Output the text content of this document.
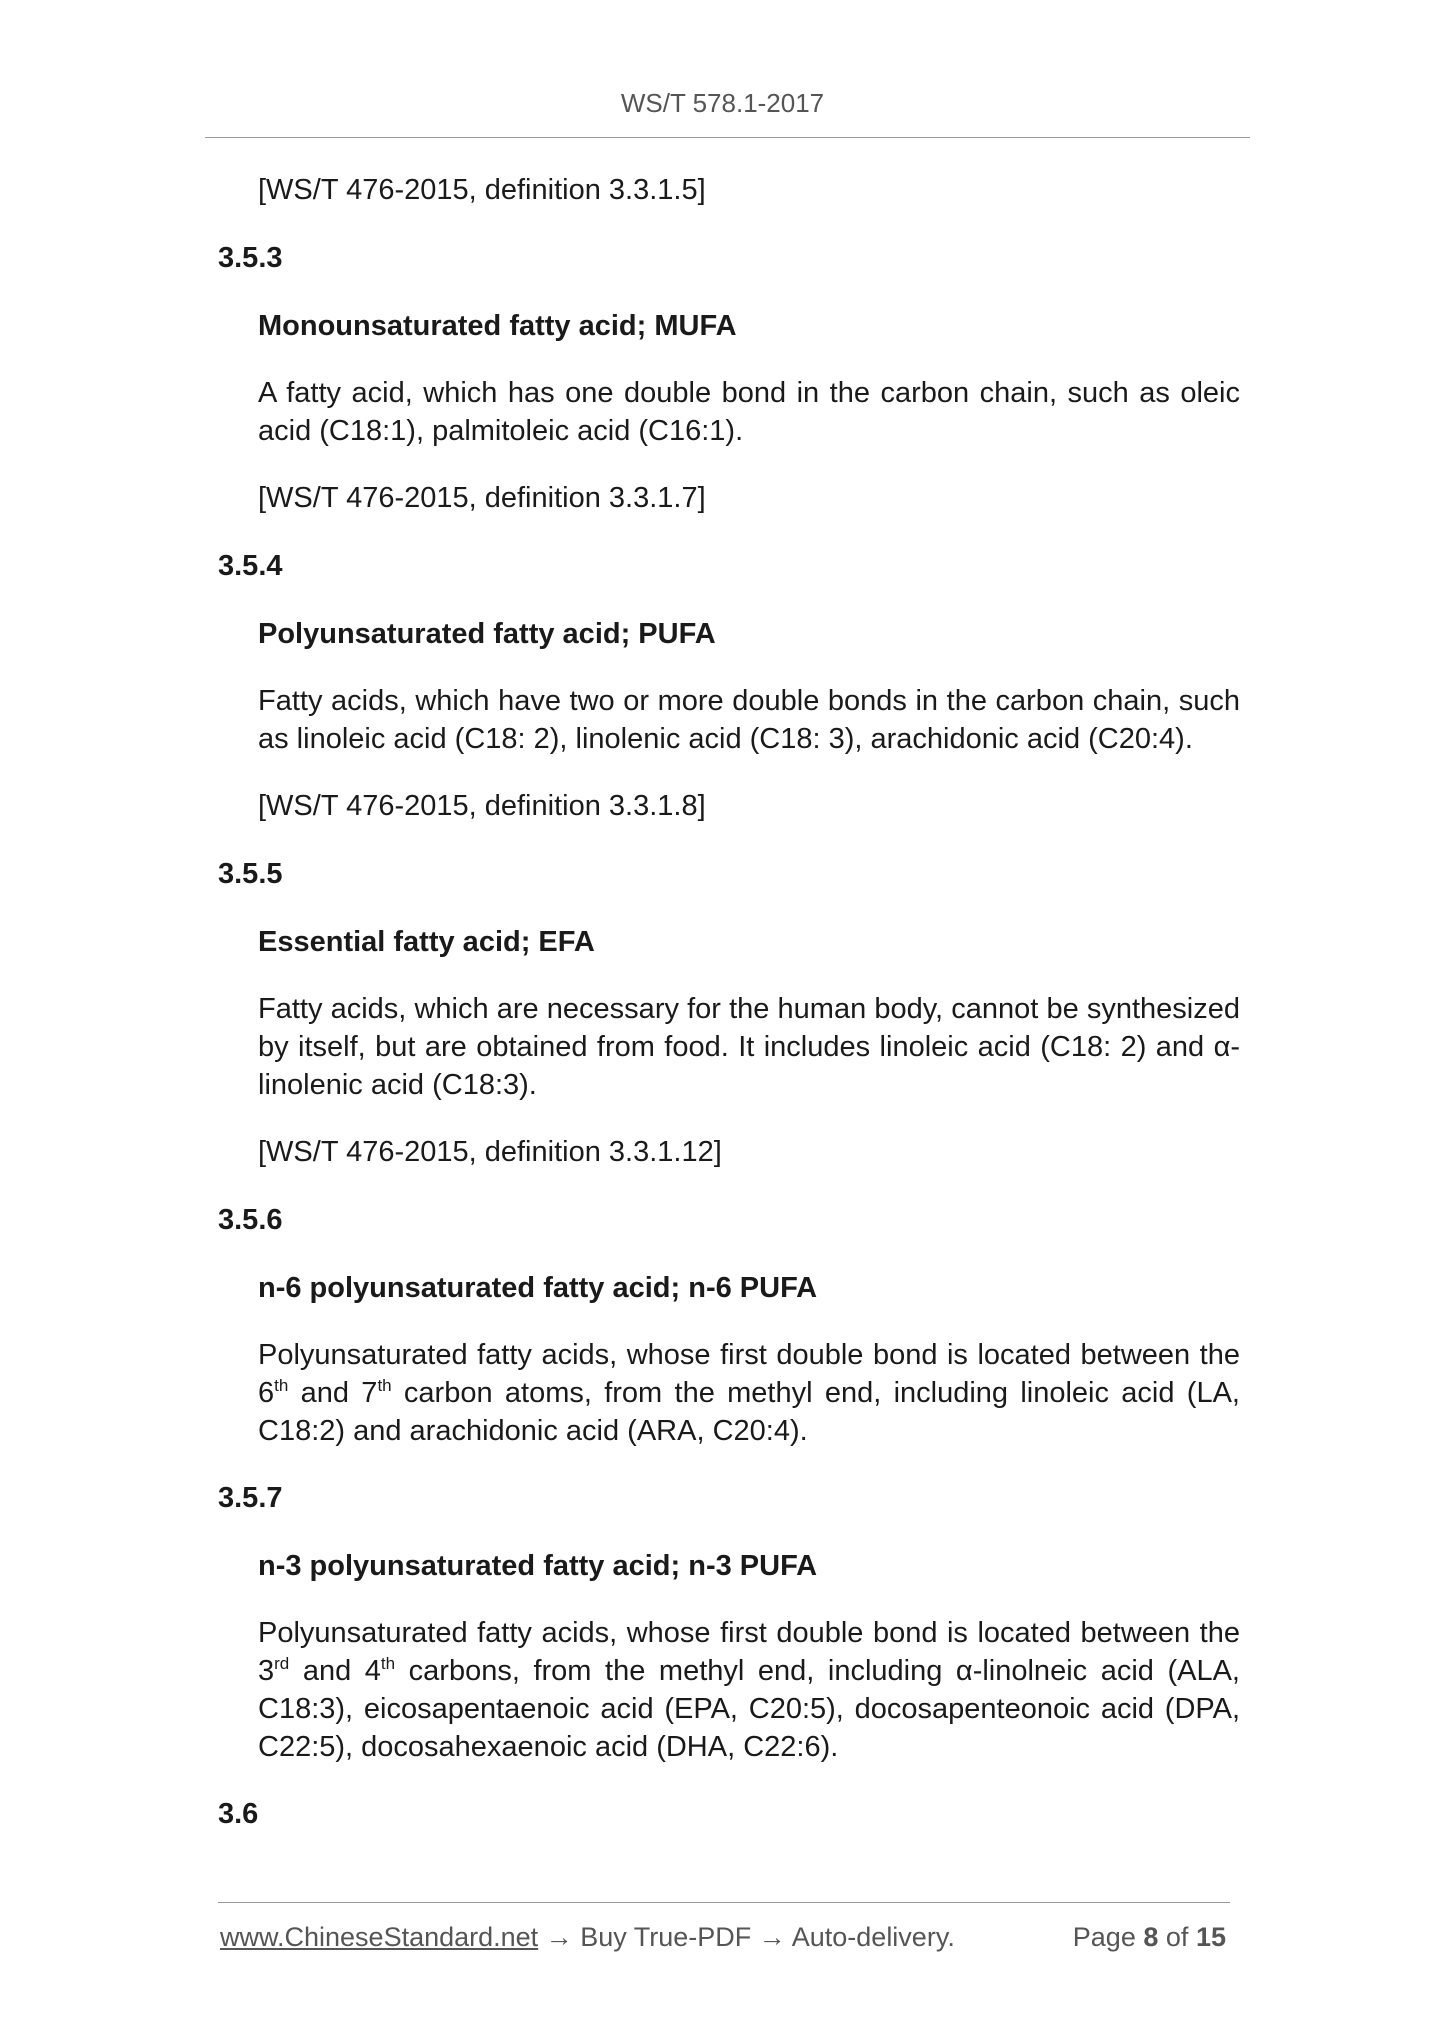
WS/T 578.1-2017
[WS/T 476-2015, definition 3.3.1.5]
3.5.3
Monounsaturated fatty acid; MUFA
A fatty acid, which has one double bond in the carbon chain, such as oleic acid (C18:1), palmitoleic acid (C16:1).
[WS/T 476-2015, definition 3.3.1.7]
3.5.4
Polyunsaturated fatty acid; PUFA
Fatty acids, which have two or more double bonds in the carbon chain, such as linoleic acid (C18: 2), linolenic acid (C18: 3), arachidonic acid (C20:4).
[WS/T 476-2015, definition 3.3.1.8]
3.5.5
Essential fatty acid; EFA
Fatty acids, which are necessary for the human body, cannot be synthesized by itself, but are obtained from food. It includes linoleic acid (C18: 2) and α-linolenic acid (C18:3).
[WS/T 476-2015, definition 3.3.1.12]
3.5.6
n-6 polyunsaturated fatty acid; n-6 PUFA
Polyunsaturated fatty acids, whose first double bond is located between the 6th and 7th carbon atoms, from the methyl end, including linoleic acid (LA, C18:2) and arachidonic acid (ARA, C20:4).
3.5.7
n-3 polyunsaturated fatty acid; n-3 PUFA
Polyunsaturated fatty acids, whose first double bond is located between the 3rd and 4th carbons, from the methyl end, including α-linolneic acid (ALA, C18:3), eicosapentaenoic acid (EPA, C20:5), docosapenteonoic acid (DPA, C22:5), docosahexaenoic acid (DHA, C22:6).
3.6
www.ChineseStandard.net → Buy True-PDF → Auto-delivery.	Page 8 of 15
